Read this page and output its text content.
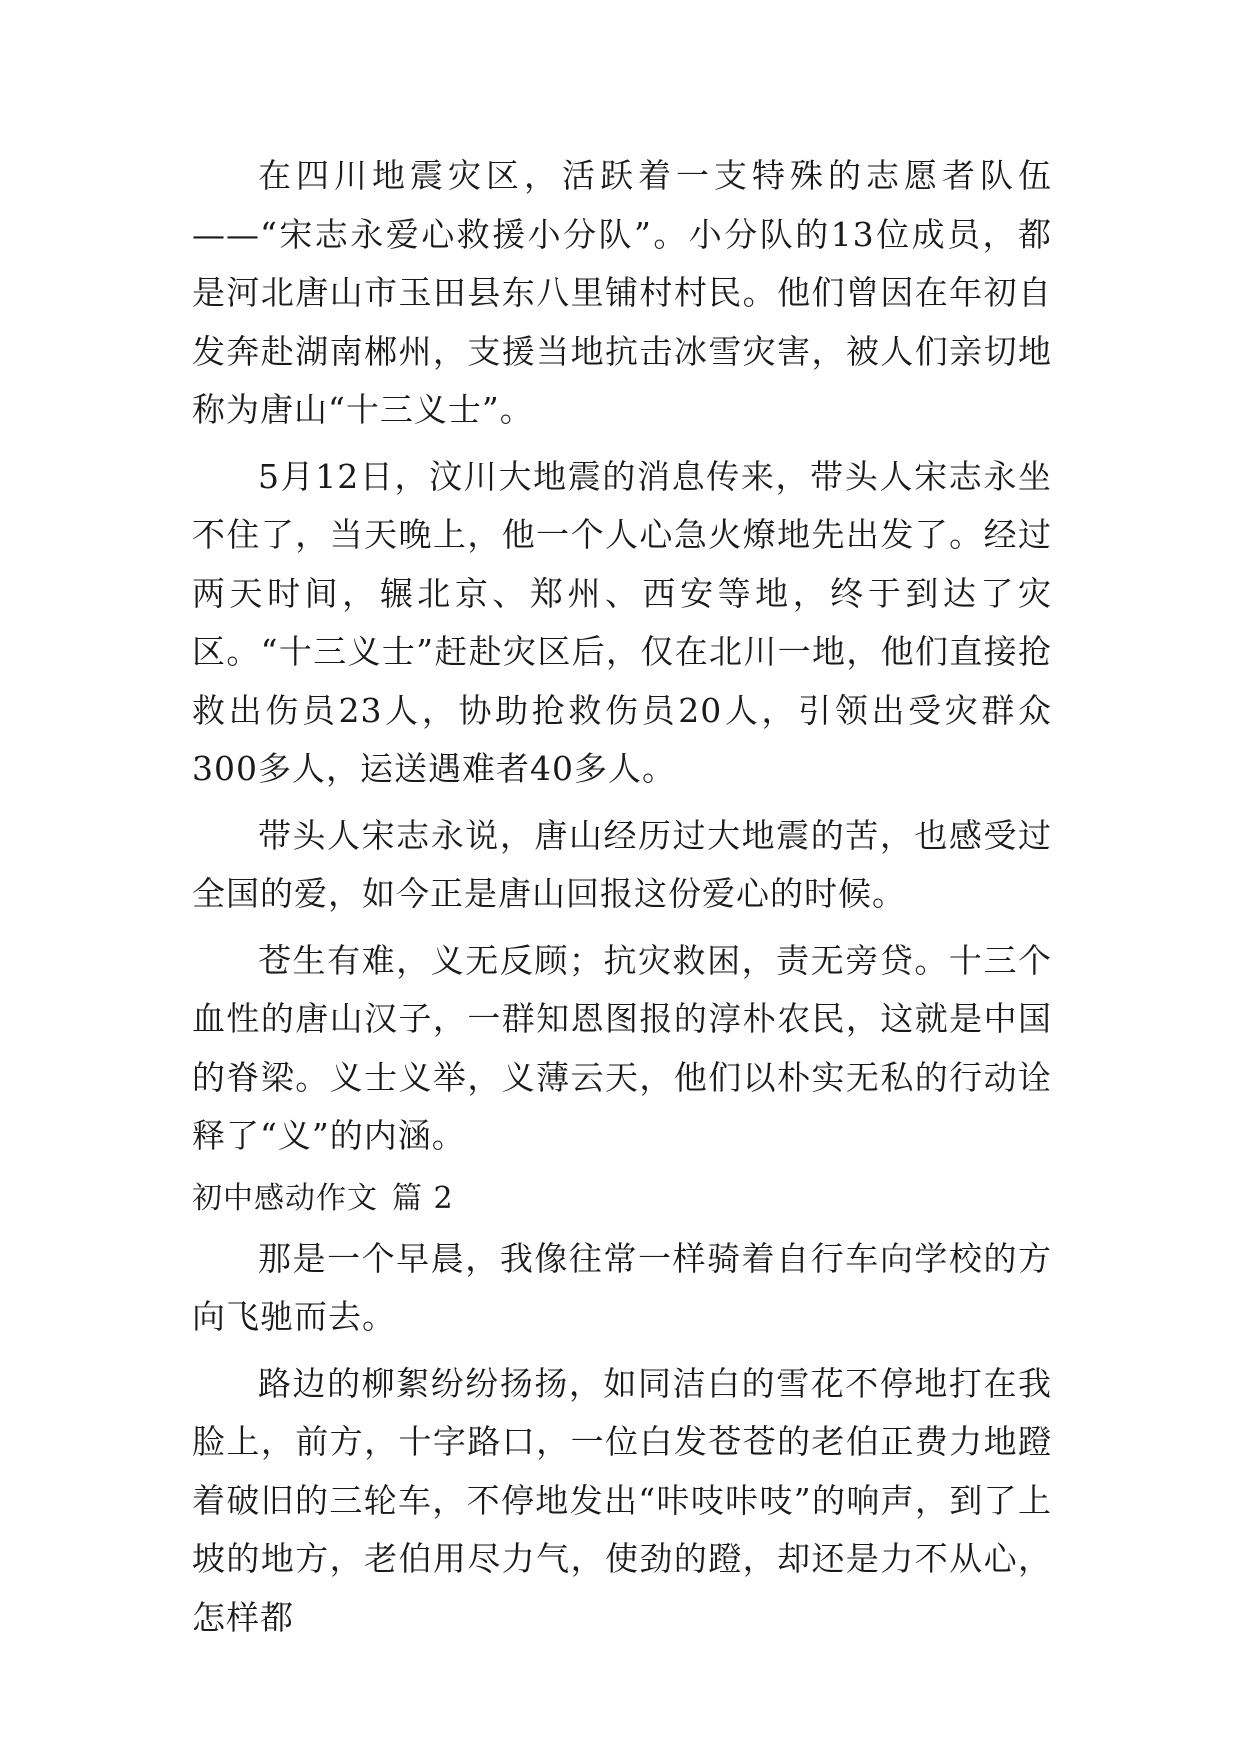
在四川地震灾区，活跃着一支特殊的志愿者队伍——“宋志永爱心救援小分队”。小分队的13位成员，都是河北唐山市玉田县东八里铺村村民。他们曾因在年初自发奔赴湖南郴州，支援当地抗击冰雪灾害，被人们亲切地称为唐山“十三义士”。

5月12日，汶川大地震的消息传来，带头人宋志永坐不住了，当天晚上，他一个人心急火燎地先出发了。经过两天时间，辗北京、郑州、西安等地，终于到达了灾区。“十三义士”赶赴灾区后，仅在北川一地，他们直接抢救出伤员23人，协助抢救伤员20人，引领出受灾群众300多人，运送遇难者40多人。

带头人宋志永说，唐山经历过大地震的苦，也感受过全国的爱，如今正是唐山回报这份爱心的时候。

苍生有难，义无反顾；抗灾救困，责无旁贷。十三个血性的唐山汉子，一群知恩图报的淳朴农民，这就是中国的脊梁。义士义举，义薄云天，他们以朴实无私的行动诠释了“义”的内涵。

初中感动作文 篇 2

那是一个早晨，我像往常一样骑着自行车向学校的方向飞驰而去。

路边的柳絮纷纷扬扬，如同洁白的雪花不停地打在我脸上，前方，十字路口，一位白发苍苍的老伯正费力地蹬着破旧的三轮车，不停地发出“咔吱咔吱”的响声，到了上坡的地方，老伯用尽力气，使劲的蹬，却还是力不从心，怎样都
